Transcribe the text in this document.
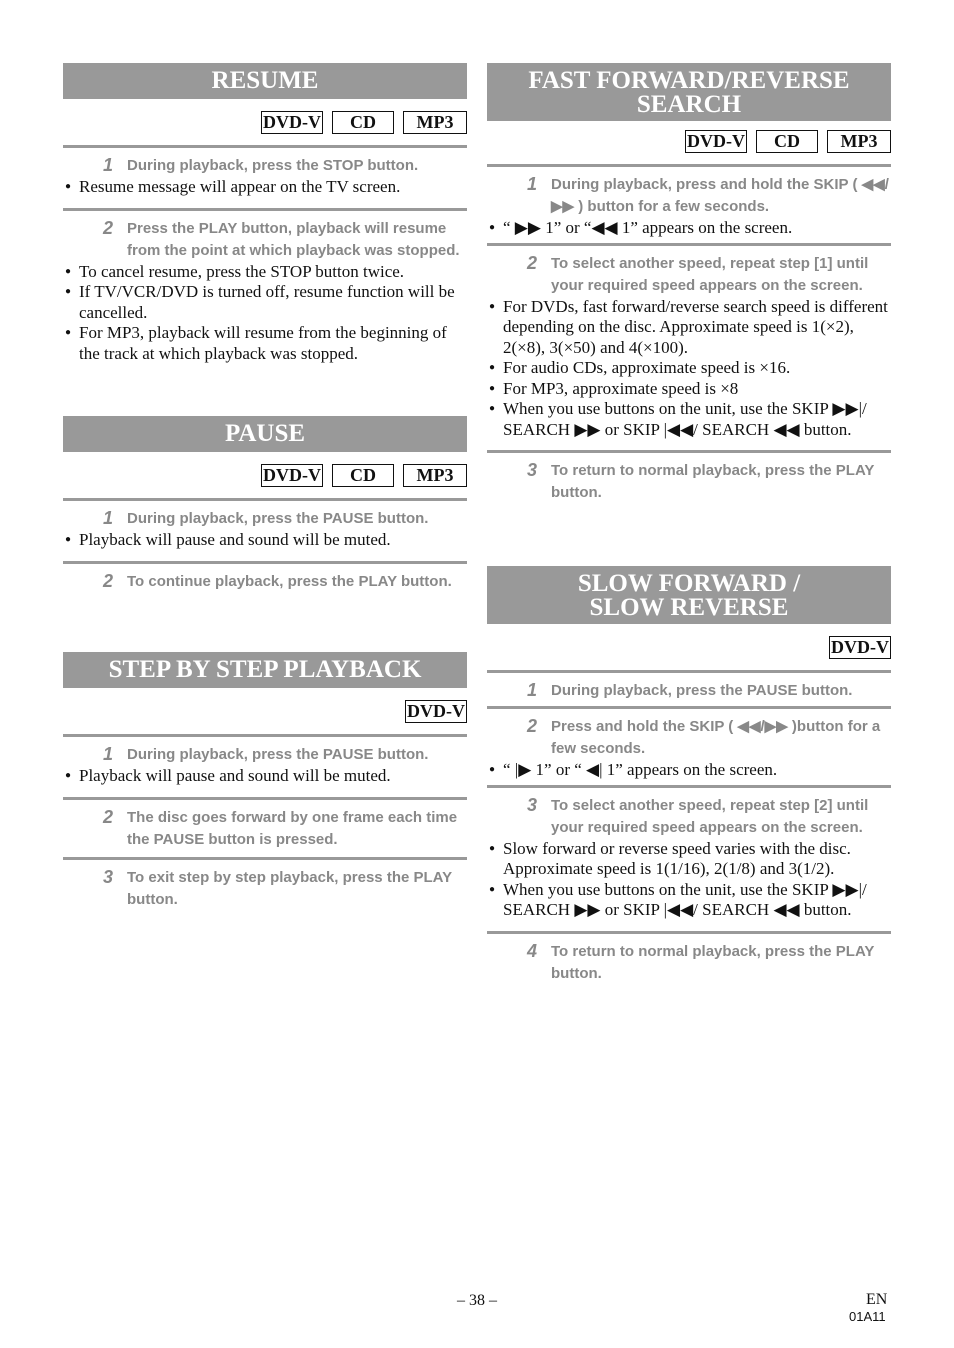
RESUME
DVD-V	CD	MP3
1 During playback, press the STOP button.
● Resume message will appear on the TV screen.
2 Press the PLAY button, playback will resume from the point at which playback was stopped.
● To cancel resume, press the STOP button twice.
● If TV/VCR/DVD is turned off, resume function will be cancelled.
● For MP3, playback will resume from the beginning of the track at which playback was stopped.
PAUSE
DVD-V	CD	MP3
1 During playback, press the PAUSE button.
● Playback will pause and sound will be muted.
2 To continue playback, press the PLAY button.
STEP BY STEP PLAYBACK
DVD-V
1 During playback, press the PAUSE button.
● Playback will pause and sound will be muted.
2 The disc goes forward by one frame each time the PAUSE button is pressed.
3 To exit step by step playback, press the PLAY button.
FAST FORWARD/REVERSE
SEARCH
DVD-V	CD	MP3
1 During playback, press and hold the SKIP ( ◀◀/▶▶ ) button for a few seconds.
● “ ▶▶ 1” or “◀◀ 1” appears on the screen.
2 To select another speed, repeat step [1] until your required speed appears on the screen.
● For DVDs, fast forward/reverse search speed is different depending on the disc. Approximate speed is 1(×2), 2(×8), 3(×50) and 4(×100).
● For audio CDs, approximate speed is ×16.
● For MP3, approximate speed is ×8
● When you use buttons on the unit, use the SKIP ▶▶|/ SEARCH ▶▶ or SKIP |◀◀/ SEARCH ◀◀ button.
3 To return to normal playback, press the PLAY button.
SLOW FORWARD /
SLOW REVERSE
DVD-V
1 During playback, press the PAUSE button.
2 Press and hold the SKIP ( ◀◀/▶▶ )button for a few seconds.
● “ |▶ 1” or “ ◀| 1” appears on the screen.
3 To select another speed, repeat step [2] until your required speed appears on the screen.
● Slow forward or reverse speed varies with the disc. Approximate speed is 1(1/16), 2(1/8) and 3(1/2).
● When you use buttons on the unit, use the SKIP ▶▶|/ SEARCH ▶▶ or SKIP |◀◀/ SEARCH ◀◀ button.
4 To return to normal playback, press the PLAY button.
– 38 –	EN
01A11
